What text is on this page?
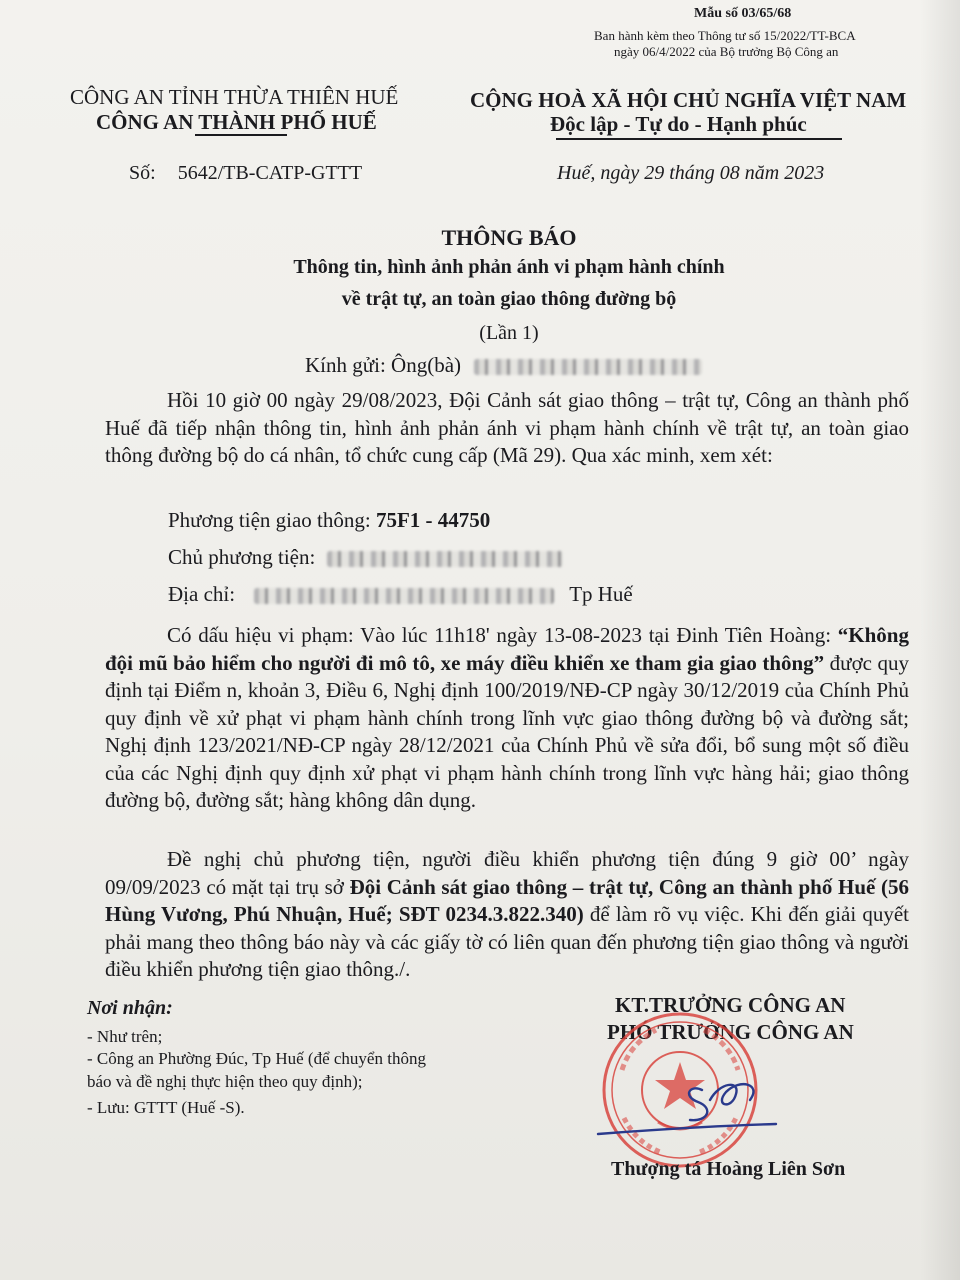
Mẫu số 03/65/68
Ban hành kèm theo Thông tư số 15/2022/TT-BCA
ngày 06/4/2022 của Bộ trưởng Bộ Công an
CÔNG AN TỈNH THỪA THIÊN HUẾ
CÔNG AN THÀNH PHỐ HUẾ
CỘNG HOÀ XÃ HỘI CHỦ NGHĨA VIỆT NAM
Độc lập - Tự do - Hạnh phúc
Số: 5642/TB-CATP-GTTT	Huế, ngày 29 tháng 08 năm 2023
THÔNG BÁO
Thông tin, hình ảnh phản ánh vi phạm hành chính
về trật tự, an toàn giao thông đường bộ
(Lần 1)
Kính gửi: Ông(bà)
Hồi 10 giờ 00 ngày 29/08/2023, Đội Cảnh sát giao thông – trật tự, Công an thành phố Huế đã tiếp nhận thông tin, hình ảnh phản ánh vi phạm hành chính về trật tự, an toàn giao thông đường bộ do cá nhân, tổ chức cung cấp (Mã 29). Qua xác minh, xem xét:
Phương tiện giao thông: 75F1 - 44750
Chủ phương tiện:
Địa chỉ:	Tp Huế
Có dấu hiệu vi phạm: Vào lúc 11h18' ngày 13-08-2023 tại Đinh Tiên Hoàng: “Không đội mũ bảo hiểm cho người đi mô tô, xe máy điều khiển xe tham gia giao thông” được quy định tại Điểm n, khoản 3, Điều 6, Nghị định 100/2019/NĐ-CP ngày 30/12/2019 của Chính Phủ quy định về xử phạt vi phạm hành chính trong lĩnh vực giao thông đường bộ và đường sắt; Nghị định 123/2021/NĐ-CP ngày 28/12/2021 của Chính Phủ về sửa đổi, bổ sung một số điều của các Nghị định quy định xử phạt vi phạm hành chính trong lĩnh vực hàng hải; giao thông đường bộ, đường sắt; hàng không dân dụng.
Đề nghị chủ phương tiện, người điều khiển phương tiện đúng 9 giờ 00’ ngày 09/09/2023 có mặt tại trụ sở Đội Cảnh sát giao thông – trật tự, Công an thành phố Huế (56 Hùng Vương, Phú Nhuận, Huế; SĐT 0234.3.822.340) để làm rõ vụ việc. Khi đến giải quyết phải mang theo thông báo này và các giấy tờ có liên quan đến phương tiện giao thông và người điều khiển phương tiện giao thông./.
Nơi nhận:
- Như trên;
- Công an Phường Đúc, Tp Huế (để chuyển thông
báo và đề nghị thực hiện theo quy định);
- Lưu: GTTT (Huế -S).
KT.TRƯỞNG CÔNG AN
PHÓ TRƯỞNG CÔNG AN
Thượng tá Hoàng Liên Sơn
